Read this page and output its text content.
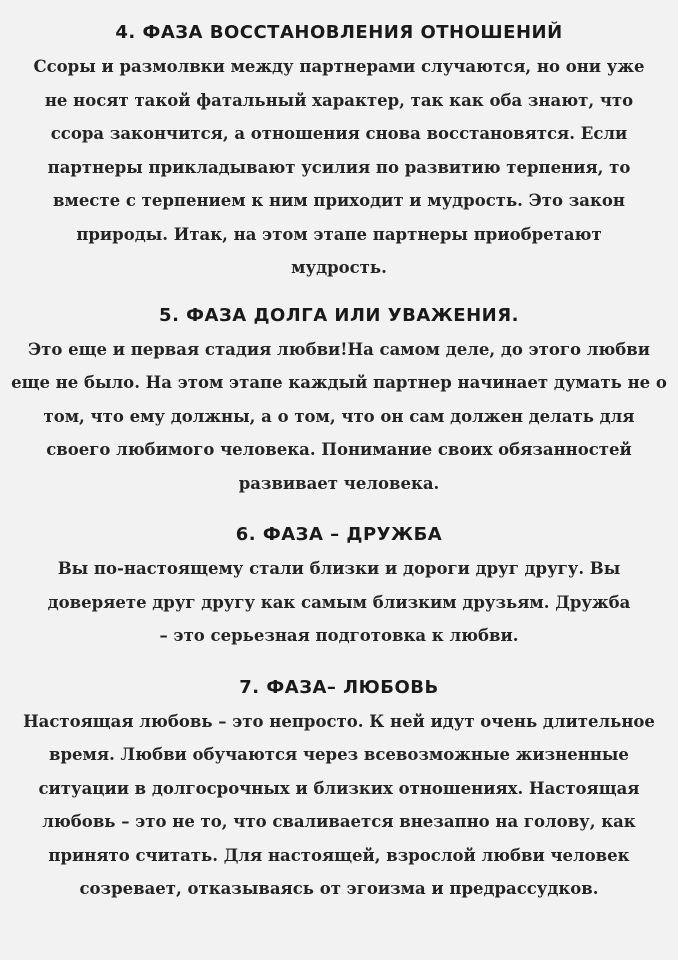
4. ФАЗА ВОССТАНОВЛЕНИЯ ОТНОШЕНИЙ

Ссоры и размолвки между партнерами случаются, но они уже не носят такой фатальный характер, так как оба знают, что ссора закончится, а отношения снова восстановятся. Если партнеры прикладывают усилия по развитию терпения, то вместе с терпением к ним приходит и мудрость. Это закон природы. Итак, на этом этапе партнеры приобретают мудрость.

5. ФАЗА ДОЛГА ИЛИ УВАЖЕНИЯ.

Это еще и первая стадия любви!На самом деле, до этого любви еще не было. На этом этапе каждый партнер начинает думать не о том, что ему должны, а о том, что он сам должен делать для своего любимого человека. Понимание своих обязанностей развивает человека.

6. ФАЗА – ДРУЖБА

Вы по-настоящему стали близки и дороги друг другу. Вы доверяете друг другу как самым близким друзьям. Дружба – это серьезная подготовка к любви.

7. ФАЗА– ЛЮБОВЬ

Настоящая любовь – это непросто. К ней идут очень длительное время. Любви обучаются через всевозможные жизненные ситуации в долгосрочных и близких отношениях. Настоящая любовь – это не то, что сваливается внезапно на голову, как принято считать. Для настоящей, взрослой любви человек созревает, отказываясь от эгоизма и предрассудков.
